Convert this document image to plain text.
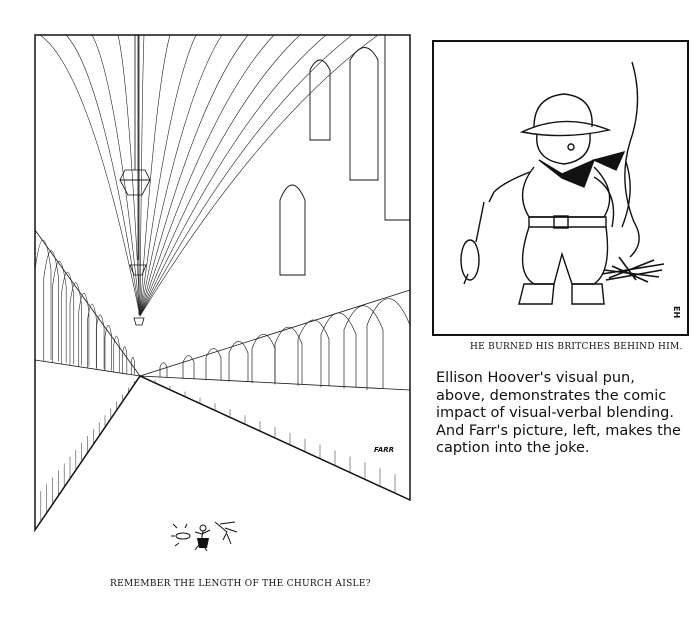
REMEMBER THE LENGTH OF THE CHURCH AISLE?
FARR
EH
HE BURNED HIS BRITCHES BEHIND HIM.

Ellison Hoover's visual pun, above, demonstrates the comic impact of visual-verbal blending. And Farr's picture, left, makes the caption into the joke.
